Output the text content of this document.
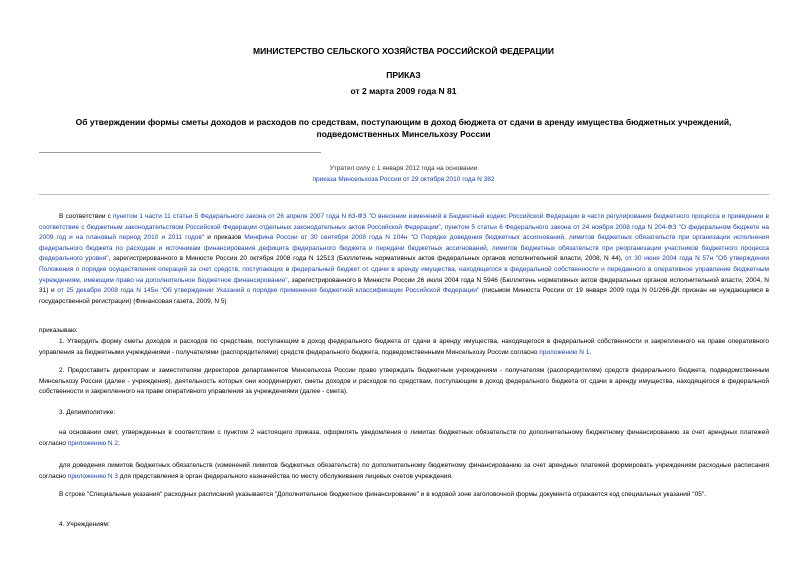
МИНИСТЕРСТВО СЕЛЬСКОГО ХОЗЯЙСТВА РОССИЙСКОЙ ФЕДЕРАЦИИ
ПРИКАЗ
от 2 марта 2009 года N 81
Об утверждении формы сметы доходов и расходов по средствам, поступающим в доход бюджета от сдачи в аренду имущества бюджетных учреждений,
подведомственных Минсельхозу России
Утратил силу с 1 января 2012 года на основании
приказа Минсельхоза России от 29 октября 2010 года N 382
В соответствии с пунктом 1 части 11 статьи 5 Федерального закона от 26 апреля 2007 года N 63-ФЗ "О внесении изменений в Бюджетный кодекс Российской Федерации в части регулирования бюджетного процесса и приведении в соответствие с бюджетным законодательством Российской Федерации отдельных законодательных актов Российской Федерации", пунктом 5 статьи 6 Федерального закона от 24 ноября 2008 года N 204-ФЗ "О федеральном бюджете на 2009 год и на плановый период 2010 и 2011 годов" и приказов Минфина России от 30 сентября 2008 года N 104н "О Порядке доведения бюджетных ассигнований, лимитов бюджетных обязательств при организации исполнения федерального бюджета по расходам и источникам финансирования дефицита федерального бюджета и передачи бюджетных ассигнований, лимитов бюджетных обязательств при реорганизации участников бюджетного процесса федерального уровня", зарегистрированного в Минюсте России 20 октября 2008 года N 12513 (Бюллетень нормативных актов федеральных органов исполнительной власти, 2008, N 44), от 30 июня 2004 года N 57н "Об утверждении Положения о порядке осуществления операций за счет средств, поступающих в федеральный бюджет от сдачи в аренду имущества, находящегося в федеральной собственности и переданного в оперативное управление бюджетным учреждениям, имеющим право на дополнительное бюджетное финансирование", зарегистрированного в Минюсте России 26 июля 2004 года N 5946 (Бюллетень нормативных актов федеральных органов исполнительной власти, 2004, N 31) и от 25 декабря 2008 года N 145н "Об утверждении Указаний о порядке применения бюджетной классификации Российской Федерации" (письмом Минюста России от 19 января 2009 года N 01/266-ДК признан не нуждающимся в государственной регистрации) (Финансовая газета, 2009, N 5)
приказываю:
1. Утвердить форму сметы доходов и расходов по средствам, поступающим в доход федерального бюджета от сдачи в аренду имущества, находящегося в федеральной собственности и закрепленного на праве оперативного управления за бюджетными учреждениями - получателями (распорядителями) средств федерального бюджета, подведомственными Минсельхозу России согласно приложению N 1.
2. Предоставить директорам и заместителям директоров департаментов Минсельхоза России право утверждать бюджетным учреждениям - получателям (распорядителям) средств федерального бюджета, подведомственным Минсельхозу России (далее - учреждения), деятельность которых они координируют, сметы доходов и расходов по средствам, поступающим в доход федерального бюджета от сдачи в аренду имущества, находящегося в федеральной собственности и закрепленного на праве оперативного управления за учреждениями (далее - смета).
3. Депимполитике:
на основании смет, утвержденных в соответствии с пунктом 2 настоящего приказа, оформлять уведомления о лимитах бюджетных обязательств по дополнительному бюджетному финансированию за счет арендных платежей согласно приложению N 2;
для доведения лимитов бюджетных обязательств (изменений лимитов бюджетных обязательств) по дополнительному бюджетному финансированию за счет арендных платежей формировать учреждениям расходные расписания согласно приложению N 3 для представления в орган федерального казначейства по месту обслуживания лицевых счетов учреждения.
В строке "Специальные указания" расходных расписаний указывается "Дополнительное бюджетное финансирование" и в кодовой зоне заголовочной формы документа отражается код специальных указаний "05".
4. Учреждениям:
